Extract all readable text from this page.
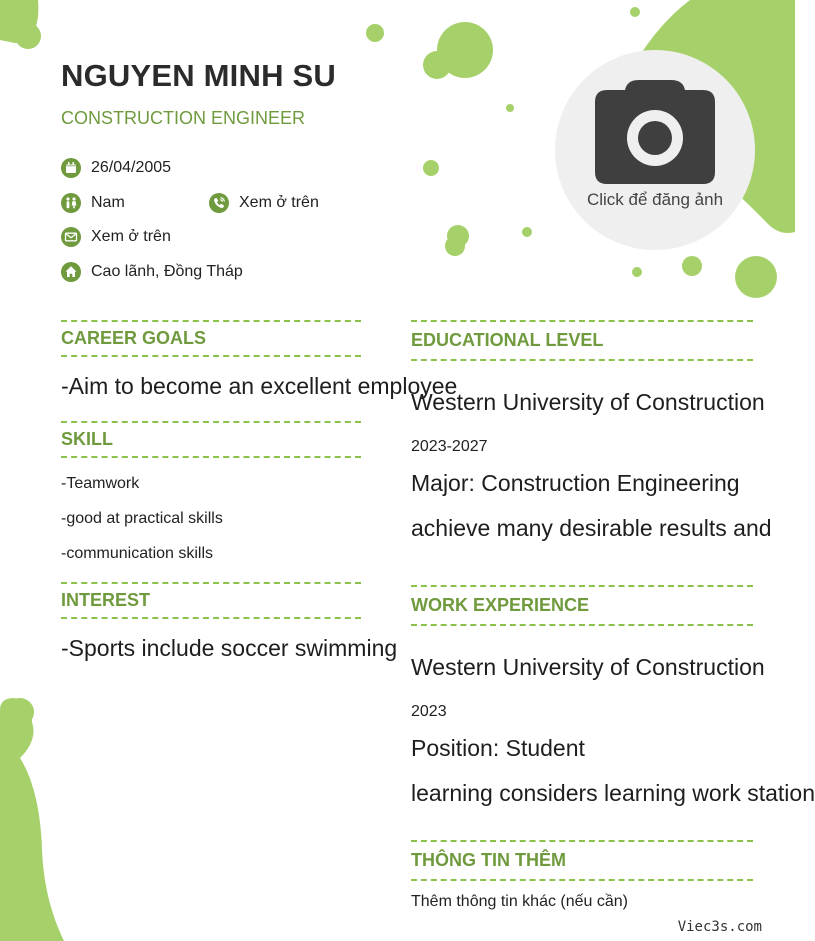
NGUYEN MINH SU
CONSTRUCTION ENGINEER
26/04/2005
Nam	Xem ở trên
Xem ở trên
Cao lãnh, Đồng Tháp
Click để đăng ảnh
CAREER GOALS
-Aim to become an excellent employee
SKILL
-Teamwork
-good at practical skills
-communication skills
INTEREST
-Sports include soccer swimming
EDUCATIONAL LEVEL
Western University of Construction
2023-2027
Major: Construction Engineering
achieve many desirable results and
WORK EXPERIENCE
Western University of Construction
2023
Position: Student
learning considers learning work station
THÔNG TIN THÊM
Thêm thông tin khác (nếu cần)
Viec3s.com
